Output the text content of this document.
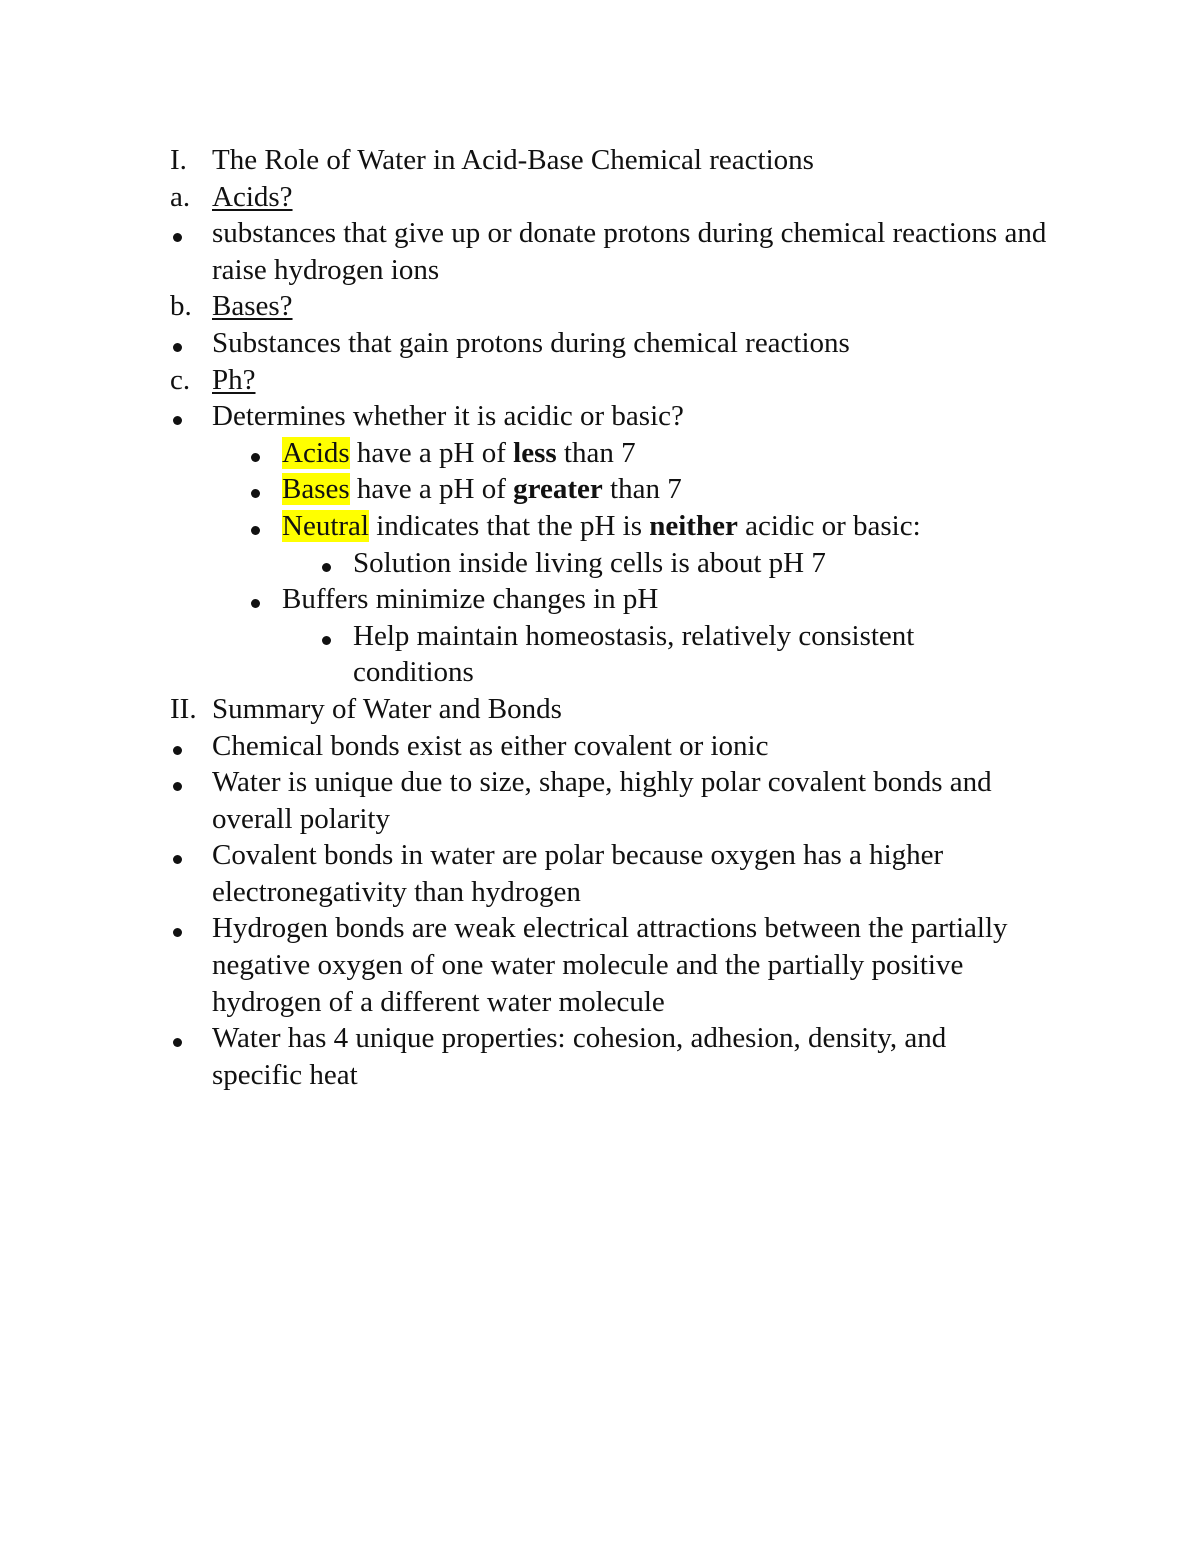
I. The Role of Water in Acid-Base Chemical reactions
a. Acids?
substances that give up or donate protons during chemical reactions and raise hydrogen ions
b. Bases?
Substances that gain protons during chemical reactions
c. Ph?
Determines whether it is acidic or basic?
Acids have a pH of less than 7
Bases have a pH of greater than 7
Neutral indicates that the pH is neither acidic or basic:
Solution inside living cells is about pH 7
Buffers minimize changes in pH
Help maintain homeostasis, relatively consistent conditions
II. Summary of Water and Bonds
Chemical bonds exist as either covalent or ionic
Water is unique due to size, shape, highly polar covalent bonds and overall polarity
Covalent bonds in water are polar because oxygen has a higher electronegativity than hydrogen
Hydrogen bonds are weak electrical attractions between the partially negative oxygen of one water molecule and the partially positive hydrogen of a different water molecule
Water has 4 unique properties: cohesion, adhesion, density, and specific heat
